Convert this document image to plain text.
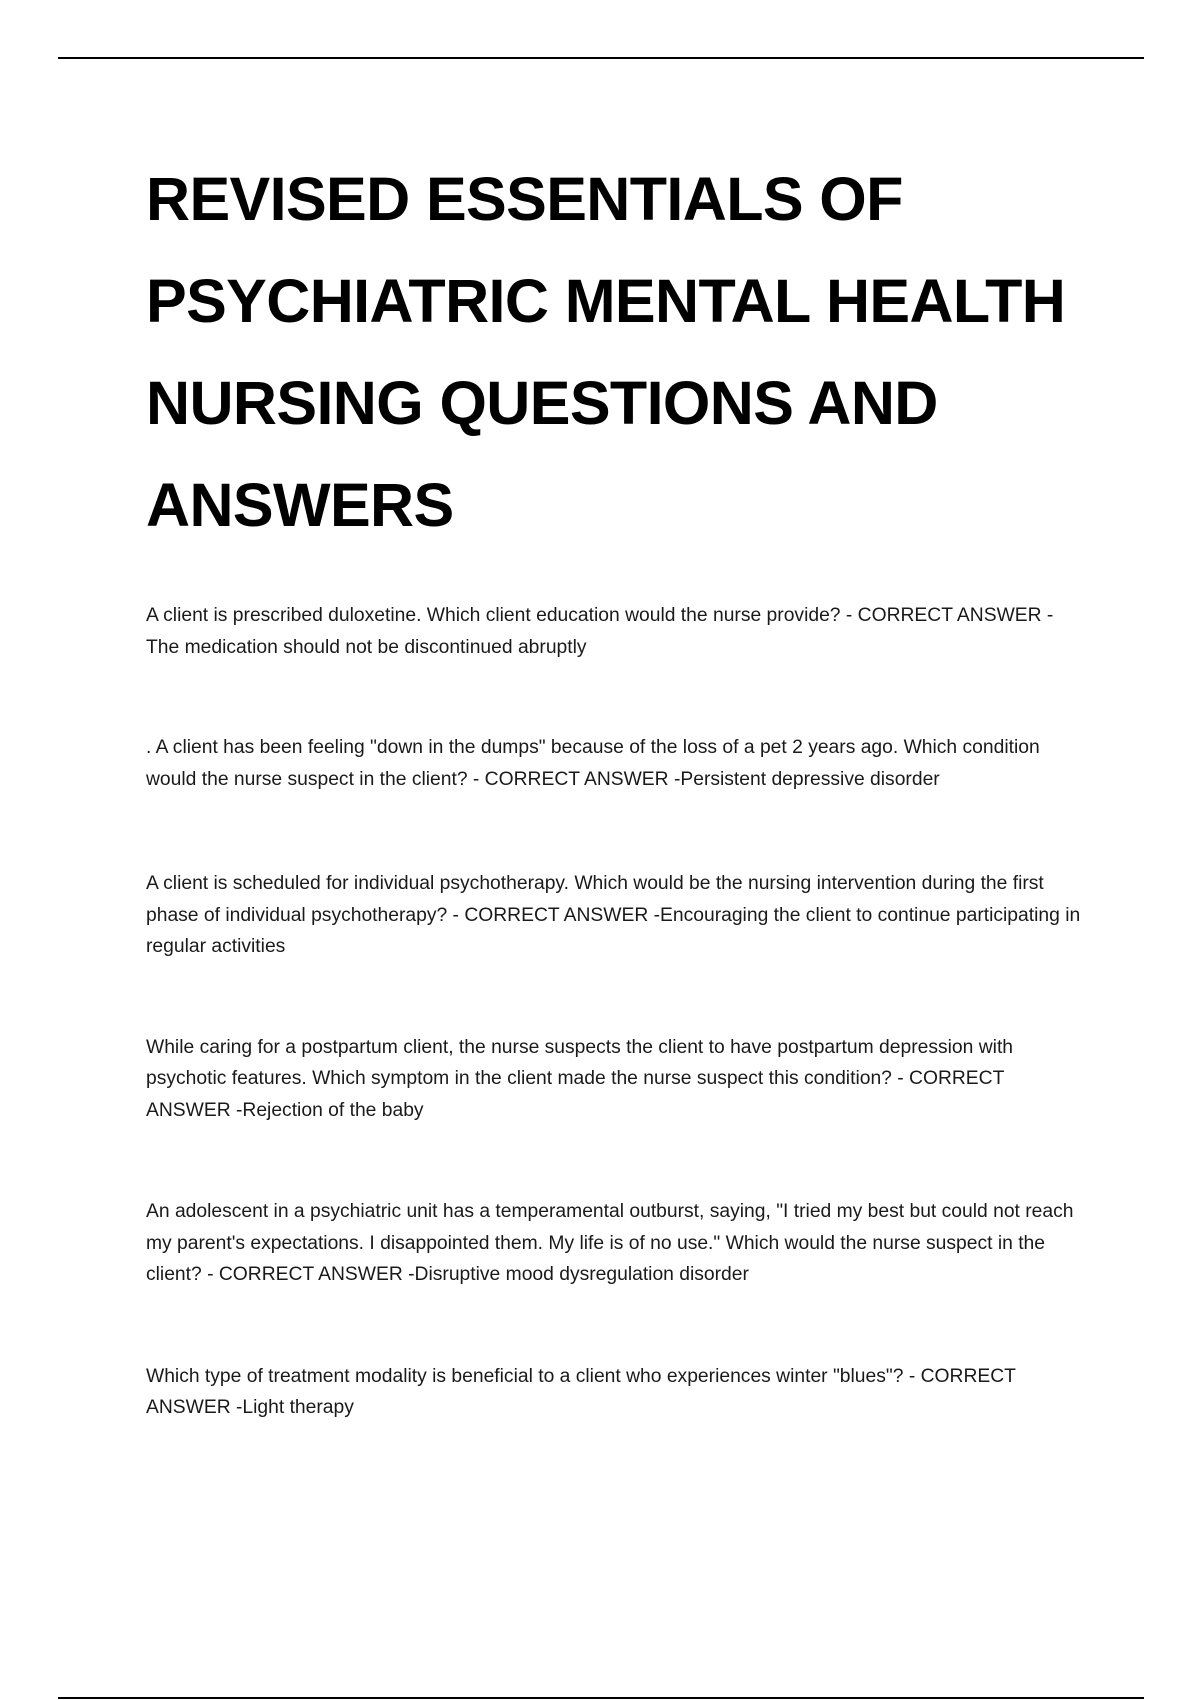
REVISED ESSENTIALS OF PSYCHIATRIC MENTAL HEALTH NURSING QUESTIONS AND ANSWERS
A client is prescribed duloxetine. Which client education would the nurse provide? - CORRECT ANSWER - The medication should not be discontinued abruptly
. A client has been feeling "down in the dumps" because of the loss of a pet 2 years ago. Which condition would the nurse suspect in the client? - CORRECT ANSWER -Persistent depressive disorder
A client is scheduled for individual psychotherapy. Which would be the nursing intervention during the first phase of individual psychotherapy? - CORRECT ANSWER -Encouraging the client to continue participating in regular activities
While caring for a postpartum client, the nurse suspects the client to have postpartum depression with psychotic features. Which symptom in the client made the nurse suspect this condition? - CORRECT ANSWER -Rejection of the baby
An adolescent in a psychiatric unit has a temperamental outburst, saying, "I tried my best but could not reach my parent's expectations. I disappointed them. My life is of no use." Which would the nurse suspect in the client? - CORRECT ANSWER -Disruptive mood dysregulation disorder
Which type of treatment modality is beneficial to a client who experiences winter "blues"? - CORRECT ANSWER -Light therapy
